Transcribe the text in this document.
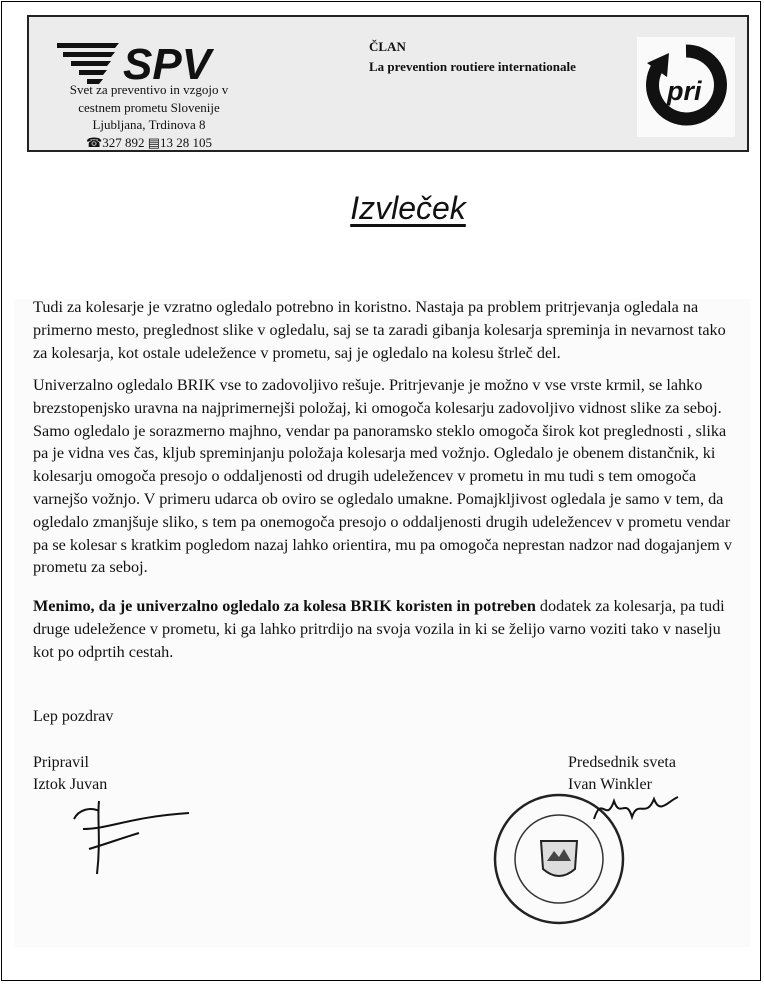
SPV
Svet za preventivo in vzgojo v
cestnem prometu Slovenije
Ljubljana, Trdinova 8
☎327 892 ▤13 28 105
ČLAN
La prevention routiere internationale
pri
Izvleček
Tudi za kolesarje je vzratno ogledalo potrebno in koristno. Nastaja pa problem pritrjevanja ogledala na primerno mesto, preglednost slike v ogledalu, saj se ta zaradi gibanja kolesarja spreminja in nevarnost tako za kolesarja, kot ostale udeležence v prometu, saj je ogledalo na kolesu štrleč del.
Univerzalno ogledalo BRIK vse to zadovoljivo rešuje. Pritrjevanje je možno v vse vrste krmil, se lahko brezstopenjsko uravna na najprimernejši položaj, ki omogoča kolesarju zadovoljivo vidnost slike za seboj. Samo ogledalo je sorazmerno majhno, vendar pa panoramsko steklo omogoča širok kot preglednosti , slika pa je vidna ves čas, kljub spreminjanju položaja kolesarja med vožnjo. Ogledalo je obenem distančnik, ki kolesarju omogoča presojo o oddaljenosti od drugih udeležencev v prometu in mu tudi s tem omogoča varnejšo vožnjo. V primeru udarca ob oviro se ogledalo umakne. Pomajkljivost ogledala je samo v tem, da ogledalo zmanjšuje sliko, s tem pa onemogoča presojo o oddaljenosti drugih udeležencev v prometu vendar pa se kolesar s kratkim pogledom nazaj lahko orientira, mu pa omogoča neprestan nadzor nad dogajanjem v prometu za seboj.
Menimo, da je univerzalno ogledalo za kolesa BRIK koristen in potreben dodatek za kolesarja, pa tudi druge udeležence v prometu, ki ga lahko pritrdijo na svoja vozila in ki se želijo varno voziti tako v naselju kot po odprtih cestah.
Lep pozdrav
Pripravil
Iztok Juvan
Predsednik sveta
Ivan Winkler
